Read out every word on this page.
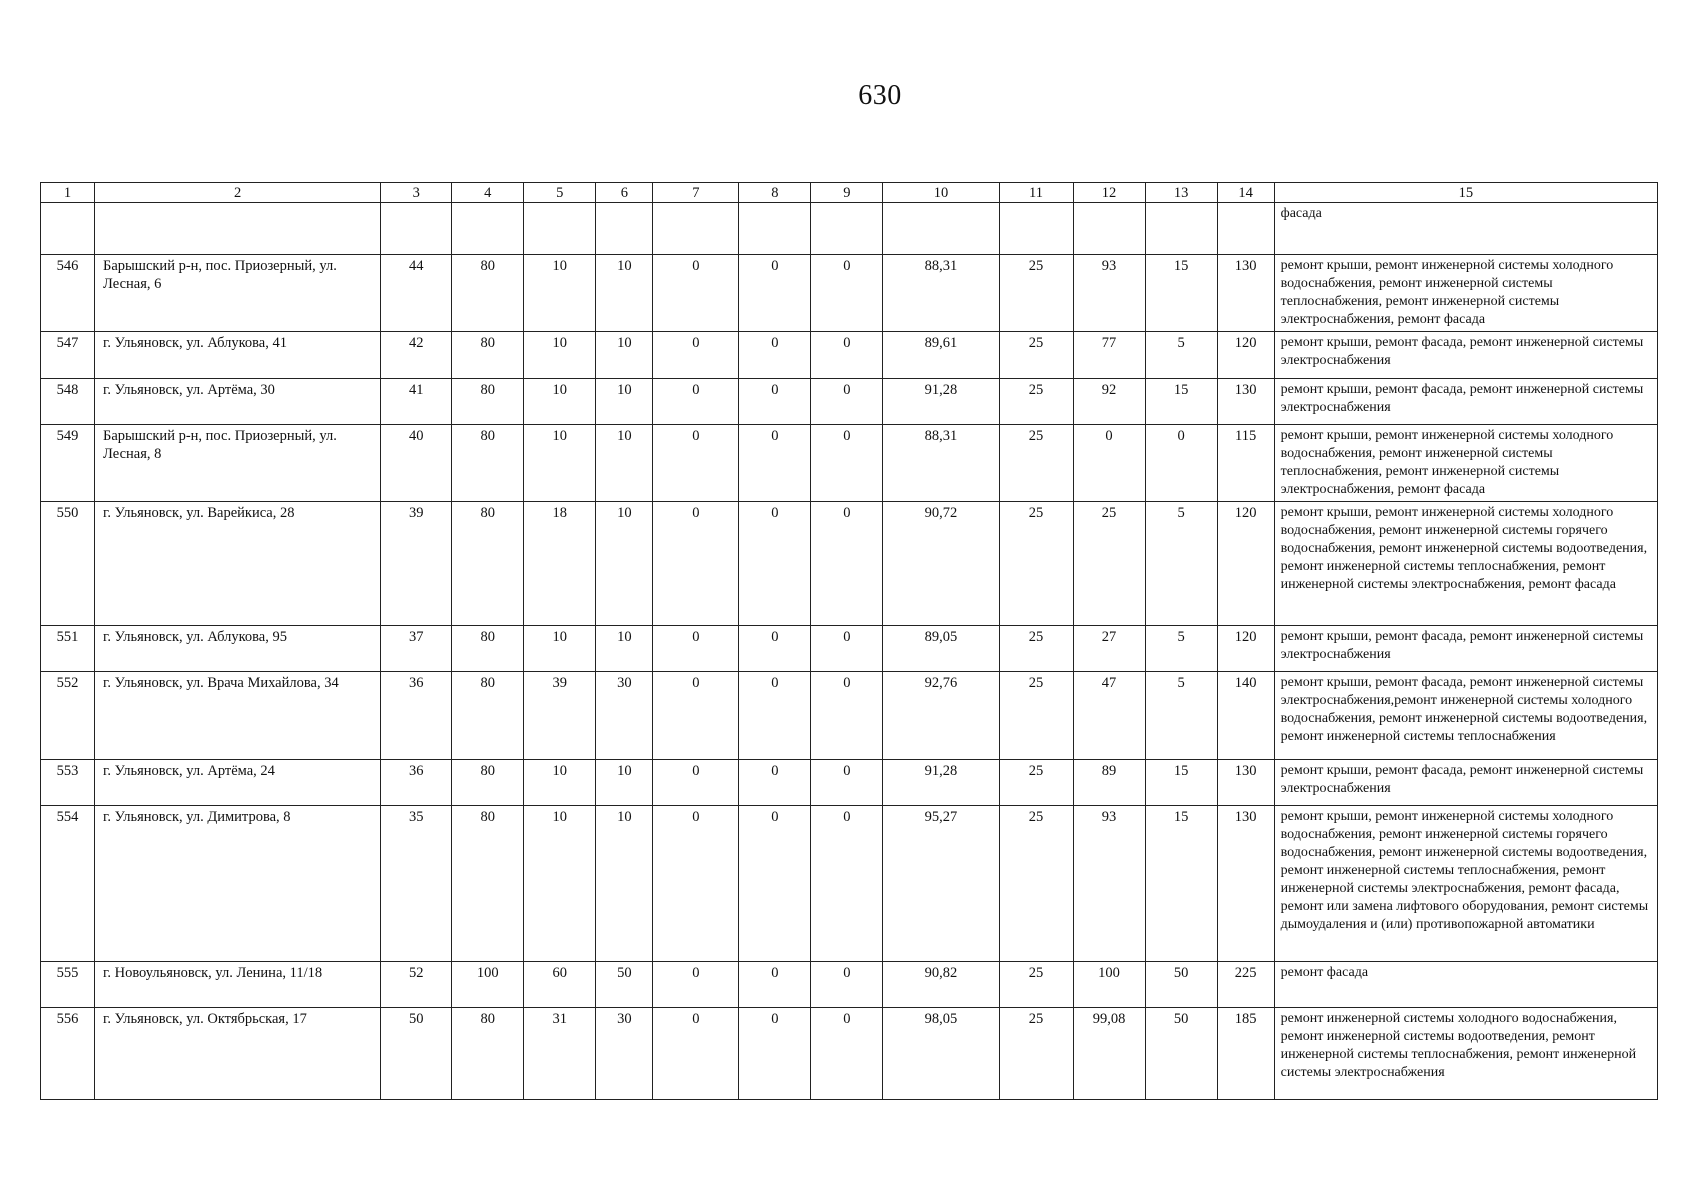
630
1	2	3	4	5	6	7	8	9	10	11	12	13	14	15
														фасада
546	Барышский р-н, пос. Приозерный, ул. Лесная, 6	44	80	10	10	0	0	0	88,31	25	93	15	130	ремонт крыши, ремонт инженерной системы холодного водоснабжения, ремонт инженерной системы теплоснабжения, ремонт инженерной системы электроснабжения, ремонт фасада
547	г. Ульяновск, ул. Аблукова, 41	42	80	10	10	0	0	0	89,61	25	77	5	120	ремонт крыши, ремонт фасада, ремонт инженерной системы электроснабжения
548	г. Ульяновск, ул. Артёма, 30	41	80	10	10	0	0	0	91,28	25	92	15	130	ремонт крыши, ремонт фасада, ремонт инженерной системы электроснабжения
549	Барышский р-н, пос. Приозерный, ул. Лесная, 8	40	80	10	10	0	0	0	88,31	25	0	0	115	ремонт крыши, ремонт инженерной системы холодного водоснабжения, ремонт инженерной системы теплоснабжения, ремонт инженерной системы электроснабжения, ремонт фасада
550	г. Ульяновск, ул. Варейкиса, 28	39	80	18	10	0	0	0	90,72	25	25	5	120	ремонт крыши, ремонт инженерной системы холодного водоснабжения, ремонт инженерной системы горячего водоснабжения, ремонт инженерной системы водоотведения, ремонт инженерной системы теплоснабжения, ремонт инженерной системы электроснабжения, ремонт фасада
551	г. Ульяновск, ул. Аблукова, 95	37	80	10	10	0	0	0	89,05	25	27	5	120	ремонт крыши, ремонт фасада, ремонт инженерной системы электроснабжения
552	г. Ульяновск, ул. Врача Михайлова, 34	36	80	39	30	0	0	0	92,76	25	47	5	140	ремонт крыши, ремонт фасада, ремонт инженерной системы электроснабжения,ремонт инженерной системы холодного водоснабжения, ремонт инженерной системы водоотведения, ремонт инженерной системы теплоснабжения
553	г. Ульяновск, ул. Артёма, 24	36	80	10	10	0	0	0	91,28	25	89	15	130	ремонт крыши, ремонт фасада, ремонт инженерной системы электроснабжения
554	г. Ульяновск, ул. Димитрова, 8	35	80	10	10	0	0	0	95,27	25	93	15	130	ремонт крыши, ремонт инженерной системы холодного водоснабжения, ремонт инженерной системы горячего водоснабжения, ремонт инженерной системы водоотведения, ремонт инженерной системы теплоснабжения, ремонт инженерной системы электроснабжения, ремонт фасада, ремонт или замена лифтового оборудования, ремонт системы дымоудаления и (или) противопожарной автоматики
555	г. Новоульяновск, ул. Ленина, 11/18	52	100	60	50	0	0	0	90,82	25	100	50	225	ремонт фасада
556	г. Ульяновск, ул. Октябрьская, 17	50	80	31	30	0	0	0	98,05	25	99,08	50	185	ремонт инженерной системы холодного водоснабжения, ремонт инженерной системы водоотведения, ремонт инженерной системы теплоснабжения, ремонт инженерной системы электроснабжения
